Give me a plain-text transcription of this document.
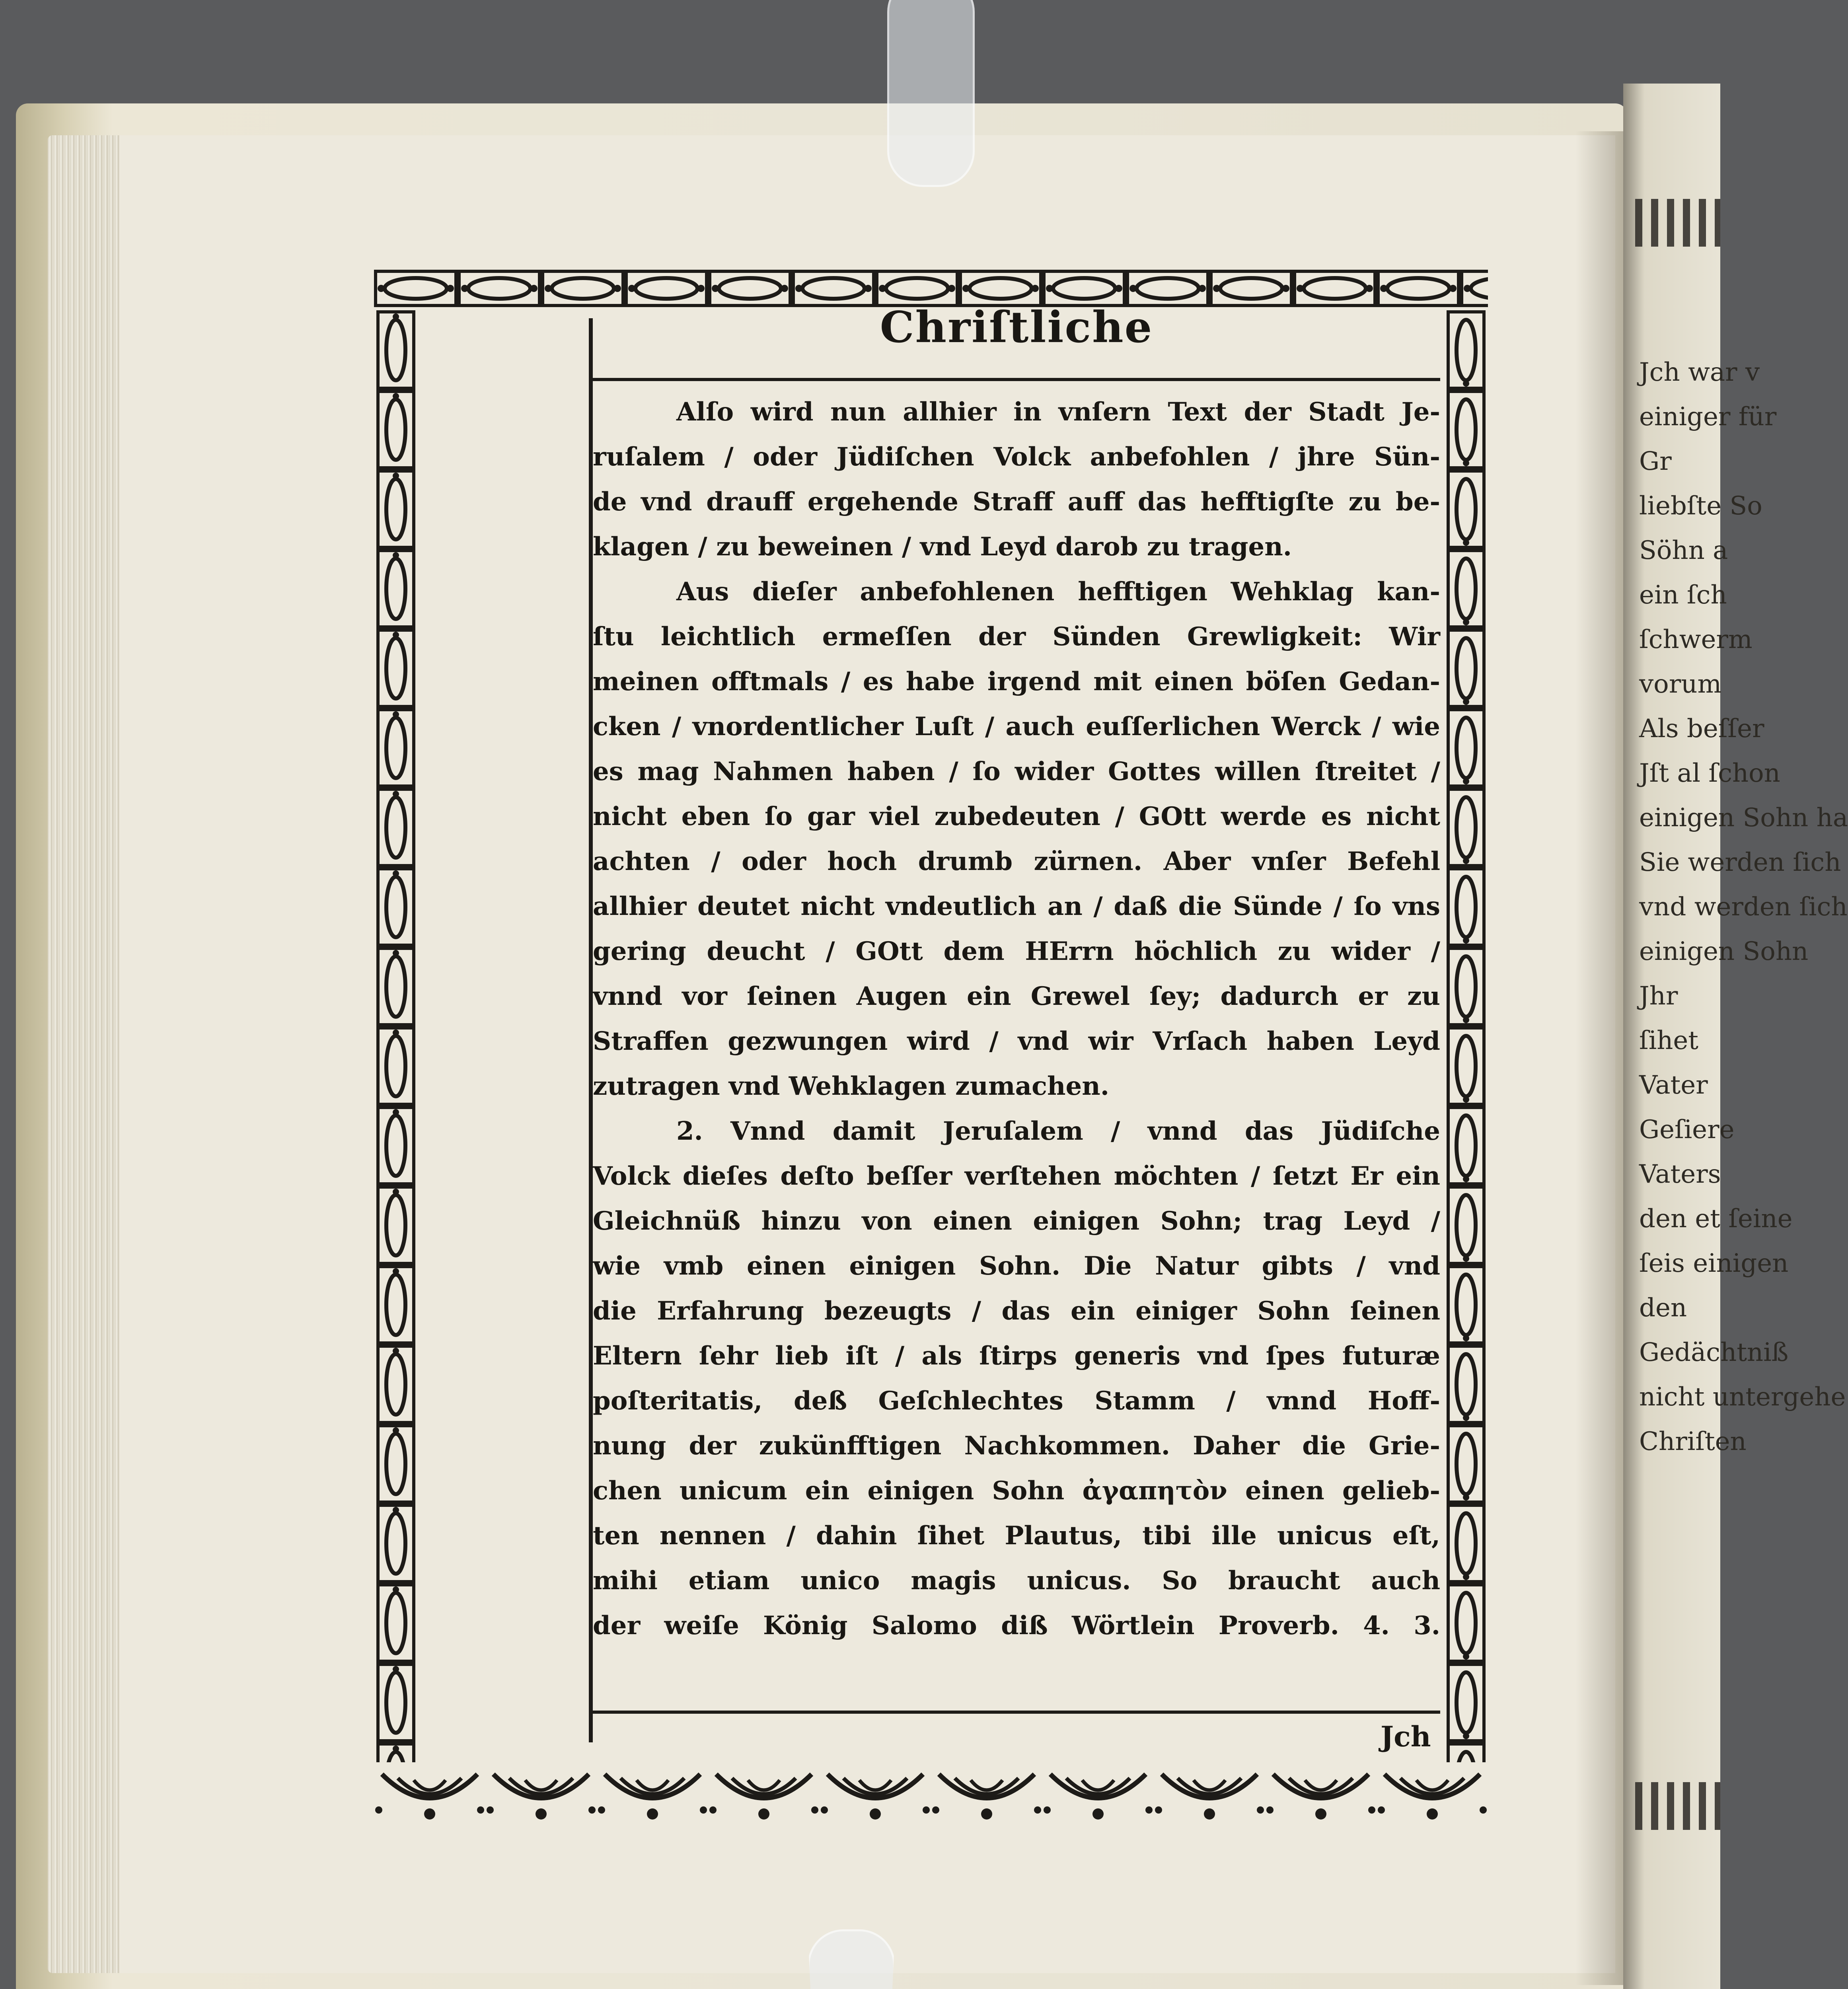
Jch war v
einiger für
Gr
liebſte So
Söhn a
ein ſch
ſchwerm
vorum
Als beſſer
Jſt al ſchon
einigen Sohn ha
Sie werden ſich
vnd werden ſich
einigen Sohn
Jhr
ſihet
Vater
Geſiere
Vaters
den et ſeine
ſeis einigen
den
Gedächtniß
nicht untergehe
Chriſten
Chriſtliche
Alſo wird nun allhier in vnſern Text der Stadt Je-
ruſalem / oder Jüdiſchen Volck anbefohlen / jhre Sün-
de vnd drauff ergehende Straff auff das hefftigſte zu be-
klagen / zu beweinen / vnd Leyd darob zu tragen.
Aus dieſer anbefohlenen hefftigen Wehklag kan-
ſtu leichtlich ermeſſen der Sünden Grewligkeit: Wir
meinen offtmals / es habe irgend mit einen böſen Gedan-
cken / vnordentlicher Luſt / auch euſſerlichen Werck / wie
es mag Nahmen haben / ſo wider Gottes willen ſtreitet /
nicht eben ſo gar viel zubedeuten / GOtt werde es nicht
achten / oder hoch drumb zürnen. Aber vnſer Befehl
allhier deutet nicht vndeutlich an / daß die Sünde / ſo vns
gering deucht / GOtt dem HErrn höchlich zu wider /
vnnd vor ſeinen Augen ein Grewel ſey; dadurch er zu
Straffen gezwungen wird / vnd wir Vrſach haben Leyd
zutragen vnd Wehklagen zumachen.
2. Vnnd damit Jeruſalem / vnnd das Jüdiſche
Volck dieſes deſto beſſer verſtehen möchten / ſetzt Er ein
Gleichnüß hinzu von einen einigen Sohn; trag Leyd /
wie vmb einen einigen Sohn. Die Natur gibts / vnd
die Erfahrung bezeugts / das ein einiger Sohn ſeinen
Eltern ſehr lieb iſt / als ſtirps generis vnd ſpes futuræ
poſteritatis, deß Geſchlechtes Stamm / vnnd Hoff-
nung der zukünfftigen Nachkommen. Daher die Grie-
chen unicum ein einigen Sohn ἀγαπητὸν einen gelieb-
ten nennen / dahin ſihet Plautus, tibi ille unicus eſt,
mihi etiam unico magis unicus. So braucht auch
der weiſe König Salomo diß Wörtlein Proverb. 4. 3.
Jch
